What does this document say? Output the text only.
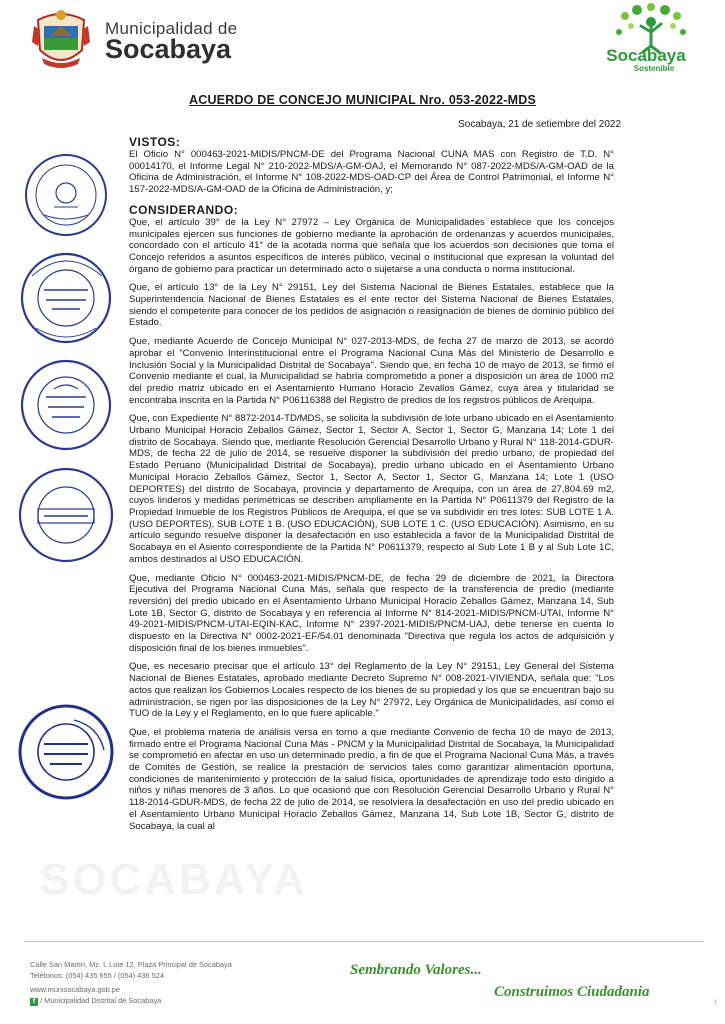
Municipalidad de
Socabaya	Socabaya
Sostenible
ACUERDO DE CONCEJO MUNICIPAL Nro. 053-2022-MDS
Socabaya, 21 de setiembre del 2022
VISTOS:

El Oficio N° 000463-2021-MIDIS/PNCM-DE del Programa Nacional CUNA MAS con Registro de T.D. N° 00014170, el Informe Legal N° 210-2022-MDS/A-GM-OAJ, el Memorando N° 087-2022-MDS/A-GM-OAD de la Oficina de Administración, el Informe N° 108-2022-MDS-OAD-CP del Área de Control Patrimonial, el Informe N° 157-2022-MDS/A-GM-OAD de la Oficina de Administración, y;

CONSIDERANDO:

Que, el artículo 39° de la Ley N° 27972 – Ley Orgánica de Municipalidades establece que los concejos municipales ejercen sus funciones de gobierno mediante la aprobación de ordenanzas y acuerdos municipales, concordado con el artículo 41° de la acotada norma que señala que los acuerdos son decisiones que toma el Concejo referidos a asuntos específicos de interés público, vecinal o institucional que expresan la voluntad del órgano de gobierno para practicar un determinado acto o sujetarse a una conducta o norma institucional.

Que, el artículo 13° de la Ley N° 29151, Ley del Sistema Nacional de Bienes Estatales, establece que la Superintendencia Nacional de Bienes Estatales es el ente rector del Sistema Nacional de Bienes Estatales, siendo el competente para conocer de los pedidos de asignación o reasignación de bienes de dominio público del Estado.

Que, mediante Acuerdo de Concejo Municipal N° 027-2013-MDS, de fecha 27 de marzo de 2013, se acordó aprobar el "Convenio Interinstitucional entre el Programa Nacional Cuna Más del Ministerio de Desarrollo e Inclusión Social y la Municipalidad Distrital de Socabaya". Siendo que, en fecha 10 de mayo de 2013, se firmó el Convenio mediante el cual, la Municipalidad se habría comprometido a poner a disposición un área de 1000 m2 del predio matriz ubicado en el Asentamiento Humano Horacio Zevallos Gámez, cuya área y titularidad se encontraba inscrita en la Partida N° P06116388 del Registro de predios de los registros públicos de Arequipa.

Que, con Expediente N° 8872-2014-TD/MDS, se solicita la subdivisión de lote urbano ubicado en el Asentamiento Urbano Municipal Horacio Zeballos Gámez, Sector 1, Sector A, Sector 1, Sector G, Manzana 14; Lote 1 del distrito de Socabaya. Siendo que, mediante Resolución Gerencial Desarrollo Urbano y Rural N° 118-2014-GDUR-MDS, de fecha 22 de julio de 2014, se resuelve disponer la subdivisión del predio urbano, de propiedad del Estado Peruano (Municipalidad Distrital de Socabaya), predio urbano ubicado en el Asentamiento Urbano Municipal Horacio Zeballos Gámez, Sector 1, Sector A, Sector 1, Sector G, Manzana 14; Lote 1 (USO DEPORTES) del distrito de Socabaya, provincia y departamento de Arequipa, con un área de 27,804.69 m2, cuyos linderos y medidas perimétricas se describen ampliamente en la Partida N° P0611379 del Registro de la Propiedad Inmueble de los Registros Públicos de Arequipa, el que se va subdividir en tres lotes: SUB LOTE 1 A. (USO DEPORTES), SUB LOTE 1 B. (USO EDUCACIÓN), SUB LOTE 1 C. (USO EDUCACIÓN). Asimismo, en su artículo segundo resuelve disponer la desafectación en uso establecida a favor de la Municipalidad Distrital de Socabaya en el Asiento correspondiente de la Partida N° P0611379, respecto al Sub Lote 1 B y al Sub Lote 1C, ambos destinados al USO EDUCACIÓN.

Que, mediante Oficio N° 000463-2021-MIDIS/PNCM-DE, de fecha 29 de diciembre de 2021, la Directora Ejecutiva del Programa Nacional Cuna Más, señala que respecto de la transferencia de predio (mediante reversión) del predio ubicado en el Asentamiento Urbano Municipal Horacio Zeballos Gámez, Manzana 14, Sub Lote 1B, Sector G, distrito de Socabaya y en referencia al Informe N° 814-2021-MIDIS/PNCM-UTAI, Informe N° 49-2021-MIDIS/PNCM-UTAI-EQIN-KAC, Informe N° 2397-2021-MIDIS/PNCM-UAJ, debe tenerse en cuenta lo dispuesto en la Directiva N° 0002-2021-EF/54.01 denominada "Directiva que regula los actos de adquisición y disposición final de los bienes inmuebles".

Que, es necesario precisar que el artículo 13° del Reglamento de la Ley N° 29151, Ley General del Sistema Nacional de Bienes Estatales, aprobado mediante Decreto Supremo N° 008-2021-VIVIENDA, señala que: "Los actos que realizan los Gobiernos Locales respecto de los bienes de su propiedad y los que se encuentran bajo su administración, se rigen por las disposiciones de la Ley N° 27972, Ley Orgánica de Municipalidades, así como el TUO de la Ley y el Reglamento, en lo que fuere aplicable."

Que, el problema materia de análisis versa en torno a que mediante Convenio de fecha 10 de mayo de 2013, firmado entre el Programa Nacional Cuna Más - PNCM y la Municipalidad Distrital de Socabaya, la Municipalidad se comprometió en afectar en uso un determinado predio, a fin de que el Programa Nacional Cuna Más, a través de Comités de Gestión, se realice la prestación de servicios tales como garantizar alimentación oportuna, condiciones de mantenimiento y protección de la salud física, oportunidades de aprendizaje todo esto dirigido a niños y niñas menores de 3 años. Lo que ocasionó que con Resolución Gerencial Desarrollo Urbano y Rural N° 118-2014-GDUR-MDS, de fecha 22 de julio de 2014, se resolviera la desafectación en uso del predio ubicado en el Asentamiento Urbano Municipal Horacio Zeballos Gámez, Manzana 14, Sub Lote 1B, Sector G, distrito de Socabaya, la cual al

SOCABAYA
Calle San Martín, Mz. L Lote 12, Plaza Principal de Socabaya
Teléfonos: (054) 435 655 / (054) 436 524
www.munisocabaya.gob.pe
f / Municipalidad Distrital de Socabaya
Sembrando Valores...
Construimos Ciudadania
1
